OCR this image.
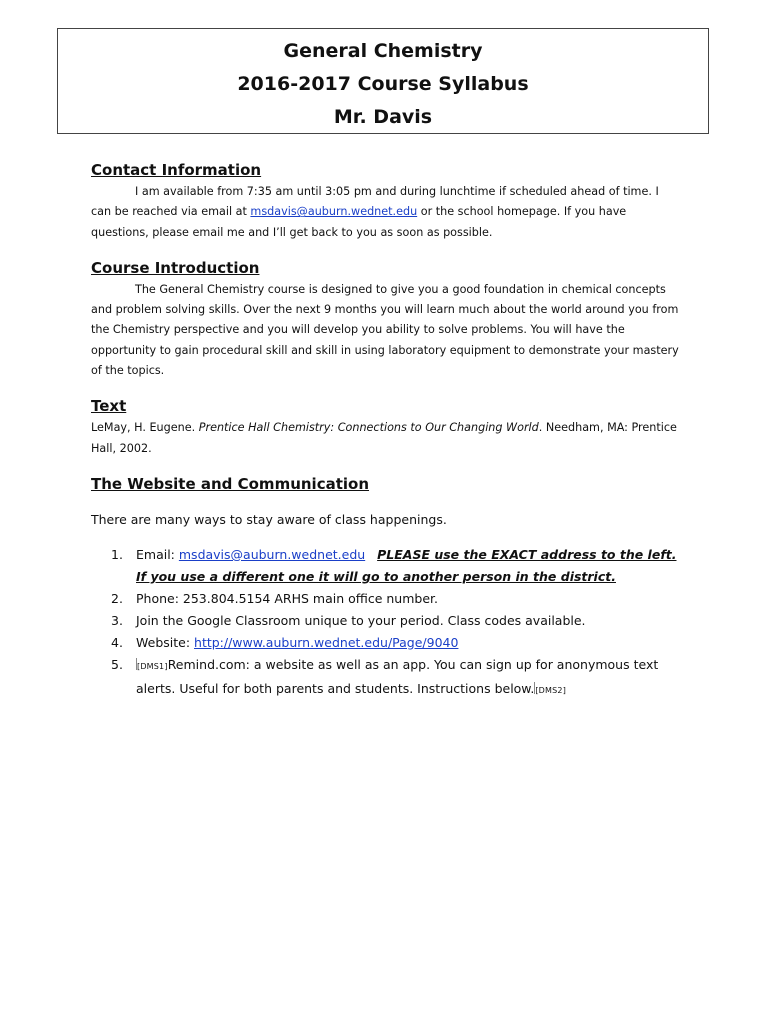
General Chemistry
2016-2017 Course Syllabus
Mr. Davis
Contact Information

I am available from 7:35 am until 3:05 pm and during lunchtime if scheduled ahead of time. I can be reached via email at msdavis@auburn.wednet.edu or the school homepage. If you have questions, please email me and I’ll get back to you as soon as possible.

Course Introduction

The General Chemistry course is designed to give you a good foundation in chemical concepts and problem solving skills. Over the next 9 months you will learn much about the world around you from the Chemistry perspective and you will develop you ability to solve problems. You will have the opportunity to gain procedural skill and skill in using laboratory equipment to demonstrate your mastery of the topics.

Text

LeMay, H. Eugene. Prentice Hall Chemistry: Connections to Our Changing World. Needham, MA: Prentice Hall, 2002.

The Website and Communication
There are many ways to stay aware of class happenings.
1. Email: msdavis@auburn.wednet.edu PLEASE use the EXACT address to the left. If you use a different one it will go to another person in the district.
2. Phone: 253.804.5154 ARHS main office number.
3. Join the Google Classroom unique to your period. Class codes available.
4. Website: http://www.auburn.wednet.edu/Page/9040
5. [DMS1]Remind.com: a website as well as an app. You can sign up for anonymous text alerts. Useful for both parents and students. Instructions below.[DMS2]
